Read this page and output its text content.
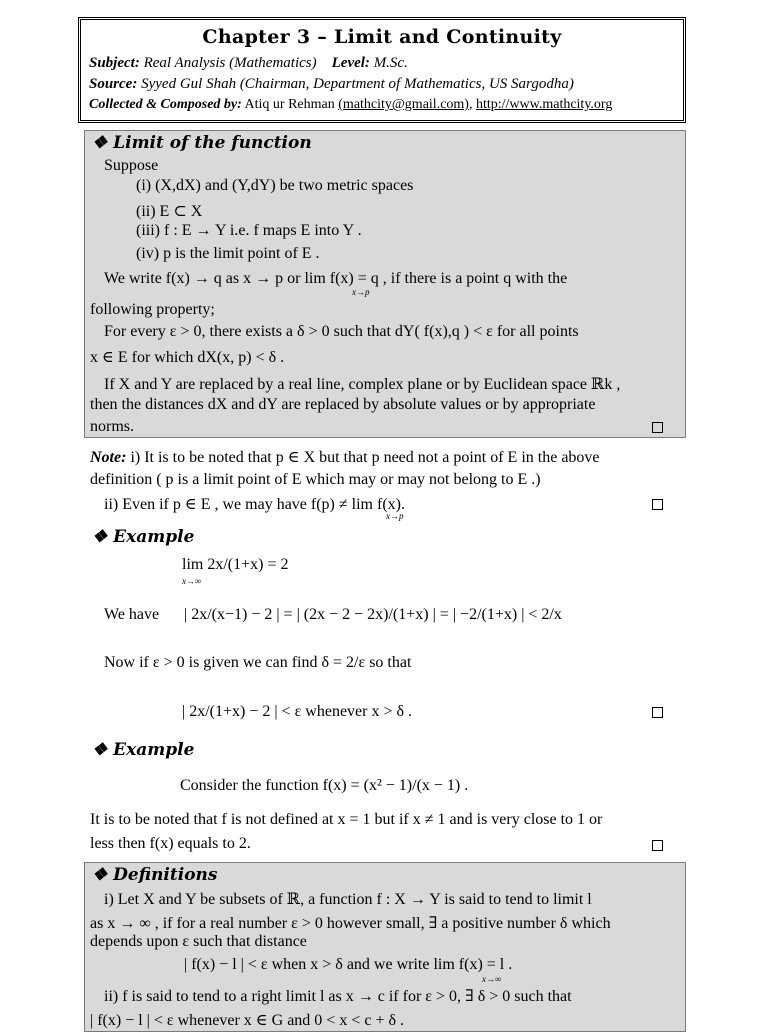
Chapter 3 – Limit and Continuity
Subject: Real Analysis (Mathematics) Level: M.Sc.
Source: Syyed Gul Shah (Chairman, Department of Mathematics, US Sargodha)
Collected & Composed by: Atiq ur Rehman (mathcity@gmail.com), http://www.mathcity.org
❖ Limit of the function
Suppose
(i) (X,dX) and (Y,dY) be two metric spaces
(ii) E ⊂ X
(iii) f : E → Y i.e. f maps E into Y .
(iv) p is the limit point of E .
We write f(x) → q as x → p or lim f(x) = q , if there is a point q with the
x→p
following property;
For every ε > 0, there exists a δ > 0 such that dY( f(x),q ) < ε for all points
x ∈ E for which dX(x, p) < δ .
If X and Y are replaced by a real line, complex plane or by Euclidean space ℝk ,
then the distances dX and dY are replaced by absolute values or by appropriate
norms.
Note: i) It is to be noted that p ∈ X but that p need not a point of E in the above
definition ( p is a limit point of E which may or may not belong to E .)
ii) Even if p ∈ E , we may have f(p) ≠ lim f(x).
x→p
❖ Example
lim 2x/(1+x) = 2
x→∞
We have | 2x/(x−1) − 2 | = | (2x − 2 − 2x)/(1+x) | = | −2/(1+x) | < 2/x
Now if ε > 0 is given we can find δ = 2/ε so that
| 2x/(1+x) − 2 | < ε whenever x > δ .
❖ Example
Consider the function f(x) = (x² − 1)/(x − 1) .
It is to be noted that f is not defined at x = 1 but if x ≠ 1 and is very close to 1 or
less then f(x) equals to 2.
❖ Definitions
i) Let X and Y be subsets of ℝ, a function f : X → Y is said to tend to limit l
as x → ∞ , if for a real number ε > 0 however small, ∃ a positive number δ which
depends upon ε such that distance
| f(x) − l | < ε when x > δ and we write lim f(x) = l .
x→∞
ii) f is said to tend to a right limit l as x → c if for ε > 0, ∃ δ > 0 such that
| f(x) − l | < ε whenever x ∈ G and 0 < x < c + δ .
